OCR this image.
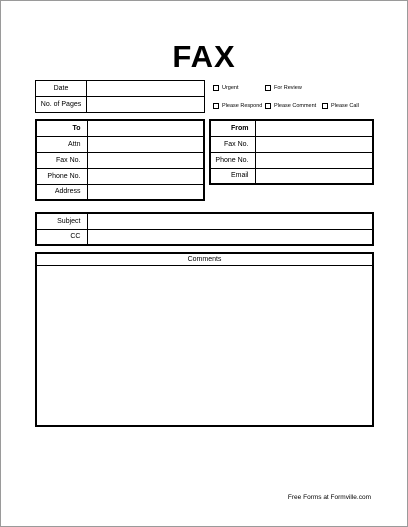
FAX
Date	
No. of Pages	
Urgent	For Review
Please Respond Please Comment	Please Call
To	
Attn	
Fax No.	
Phone No.	
Address	
From	
Fax No.	
Phone No.	
Email	
Subject	
CC	
Comments
Free Forms at Formville.com
